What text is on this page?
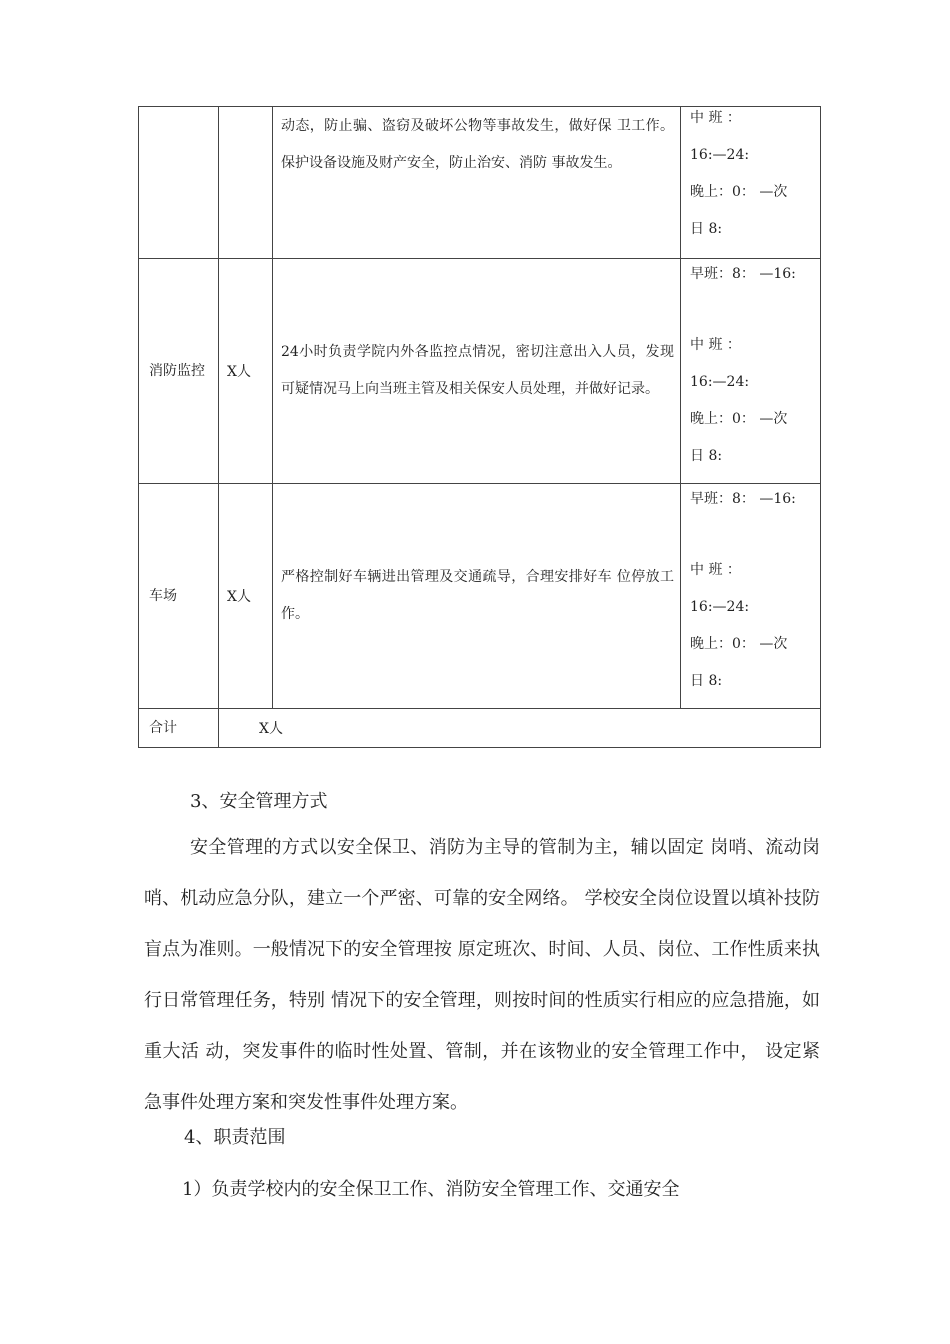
		动态，防止骗、盗窃及破坏公物等事故发生，做好保 卫工作。保护设备设施及财产安全，防止治安、消防 事故发生。	中 班 ：
16:—24:
晚上：0： —次
日 8:

消防监控	X人	24小时负责学院内外各监控点情况，密切注意出入人员，发现可疑情况马上向当班主管及相关保安人员处理，并做好记录。	早班：8： —16:
中 班 ：
16:—24:
晚上：0： —次
日 8:

车场	X人	严格控制好车辆进出管理及交通疏导，合理安排好车 位停放工作。	早班：8： —16:
中 班 ：
16:—24:
晚上：0： —次
日 8:

合计	X人		
3、安全管理方式
安全管理的方式以安全保卫、消防为主导的管制为主，辅以固定 岗哨、流动岗哨、机动应急分队，建立一个严密、可靠的安全网络。 学校安全岗位设置以填补技防盲点为准则。一般情况下的安全管理按 原定班次、时间、人员、岗位、工作性质来执行日常管理任务，特别 情况下的安全管理，则按时间的性质实行相应的应急措施，如重大活 动，突发事件的临时性处置、管制，并在该物业的安全管理工作中， 设定紧急事件处理方案和突发性事件处理方案。
4、职责范围
1）负责学校内的安全保卫工作、消防安全管理工作、交通安全
